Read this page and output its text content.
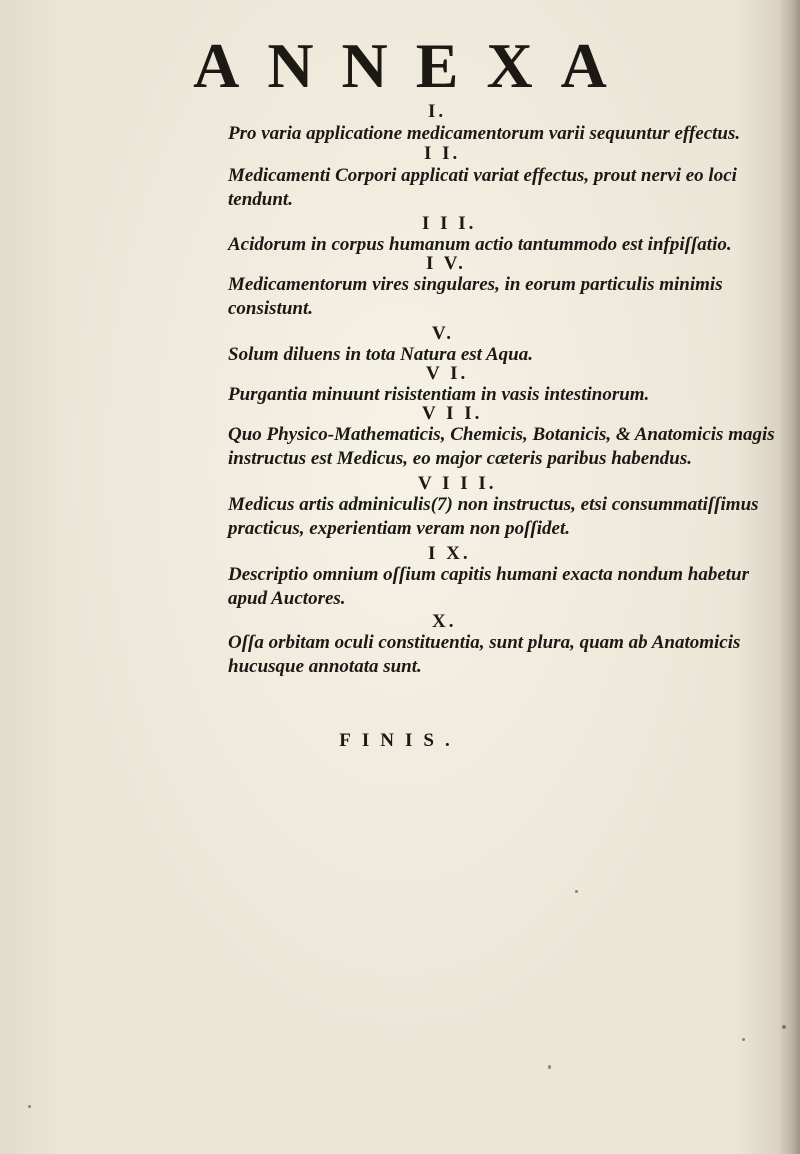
ANNEXA
I.
Pro varia applicatione medicamentorum varii sequuntur effectus.
I I.
Medicamenti Corpori applicati variat effectus, prout nervi eo loci tendunt.
I I I.
Acidorum in corpus humanum actio tantummodo est infpiſſatio.
I V.
Medicamentorum vires singulares, in eorum particulis minimis consistunt.
V.
Solum diluens in tota Natura est Aqua.
V I.
Purgantia minuunt risistentiam in vasis intestinorum.
V I I.
Quo Physico-Mathematicis, Chemicis, Botanicis, & Anatomicis magis instructus est Medicus, eo major cæteris paribus habendus.
V I I I.
Medicus artis adminiculis(7) non instructus, etsi consummatiſſimus practicus, experientiam veram non poſſidet.
I X.
Descriptio omnium oſſium capitis humani exacta nondum habetur apud Auctores.
X.
Oſſa orbitam oculi constituentia, sunt plura, quam ab Anatomicis hucusque annotata sunt.
FINIS.
